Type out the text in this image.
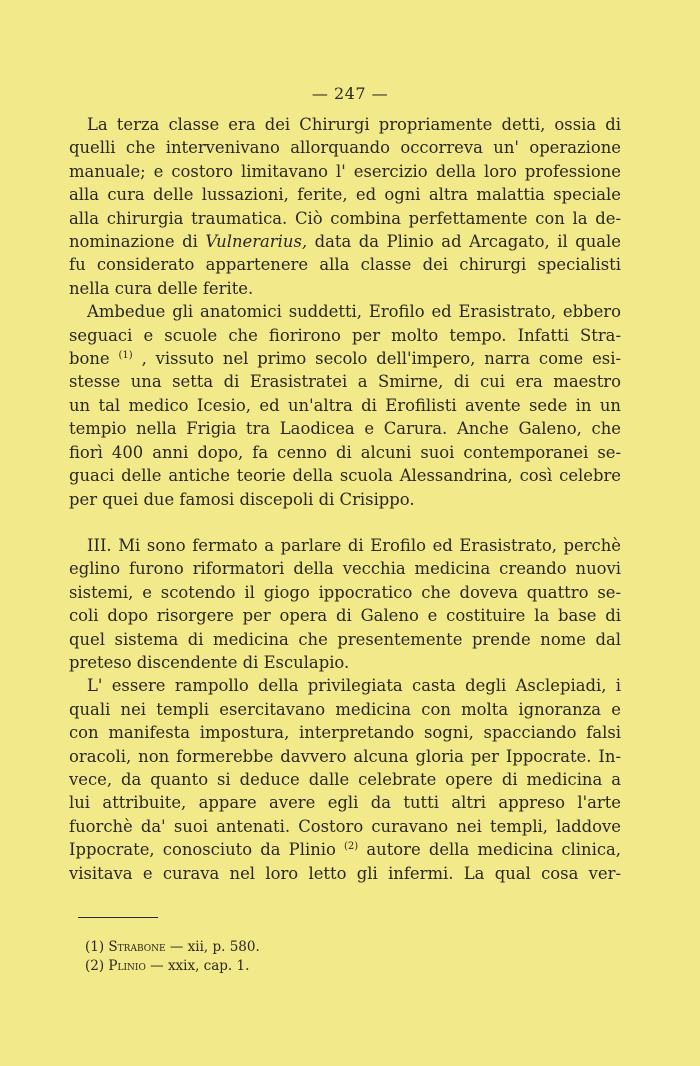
— 247 —
La terza classe era dei Chirurgi propriamente detti, ossia di
quelli che intervenivano allorquando occorreva un' operazione
manuale; e costoro limitavano l' esercizio della loro professione
alla cura delle lussazioni, ferite, ed ogni altra malattia speciale
alla chirurgia traumatica. Ciò combina perfettamente con la de-
nominazione di Vulnerarius, data da Plinio ad Arcagato, il quale
fu considerato appartenere alla classe dei chirurgi specialisti
nella cura delle ferite.
Ambedue gli anatomici suddetti, Erofilo ed Erasistrato, ebbero
seguaci e scuole che fiorirono per molto tempo. Infatti Stra-
bone $^{(1)}$ , vissuto nel primo secolo dell'impero, narra come esi-
stesse una setta di Erasistratei a Smirne, di cui era maestro
un tal medico Icesio, ed un'altra di Erofilisti avente sede in un
tempio nella Frigia tra Laodicea e Carura. Anche Galeno, che
fiorì 400 anni dopo, fa cenno di alcuni suoi contemporanei se-
guaci delle antiche teorie della scuola Alessandrina, così celebre
per quei due famosi discepoli di Crisippo.
III. Mi sono fermato a parlare di Erofilo ed Erasistrato, perchè
eglino furono riformatori della vecchia medicina creando nuovi
sistemi, e scotendo il giogo ippocratico che doveva quattro se-
coli dopo risorgere per opera di Galeno e costituire la base di
quel sistema di medicina che presentemente prende nome dal
preteso discendente di Esculapio.
L' essere rampollo della privilegiata casta degli Asclepiadi, i
quali nei templi esercitavano medicina con molta ignoranza e
con manifesta impostura, interpretando sogni, spacciando falsi
oracoli, non formerebbe davvero alcuna gloria per Ippocrate. In-
vece, da quanto si deduce dalle celebrate opere di medicina a
lui attribuite, appare avere egli da tutti altri appreso l'arte
fuorchè da' suoi antenati. Costoro curavano nei templi, laddove
Ippocrate, conosciuto da Plinio $^{(2)}$ autore della medicina clinica,
visitava e curava nel loro letto gli infermi. La qual cosa ver-
(1) Strabone — xii, p. 580.
(2) Plinio — xxix, cap. 1.
